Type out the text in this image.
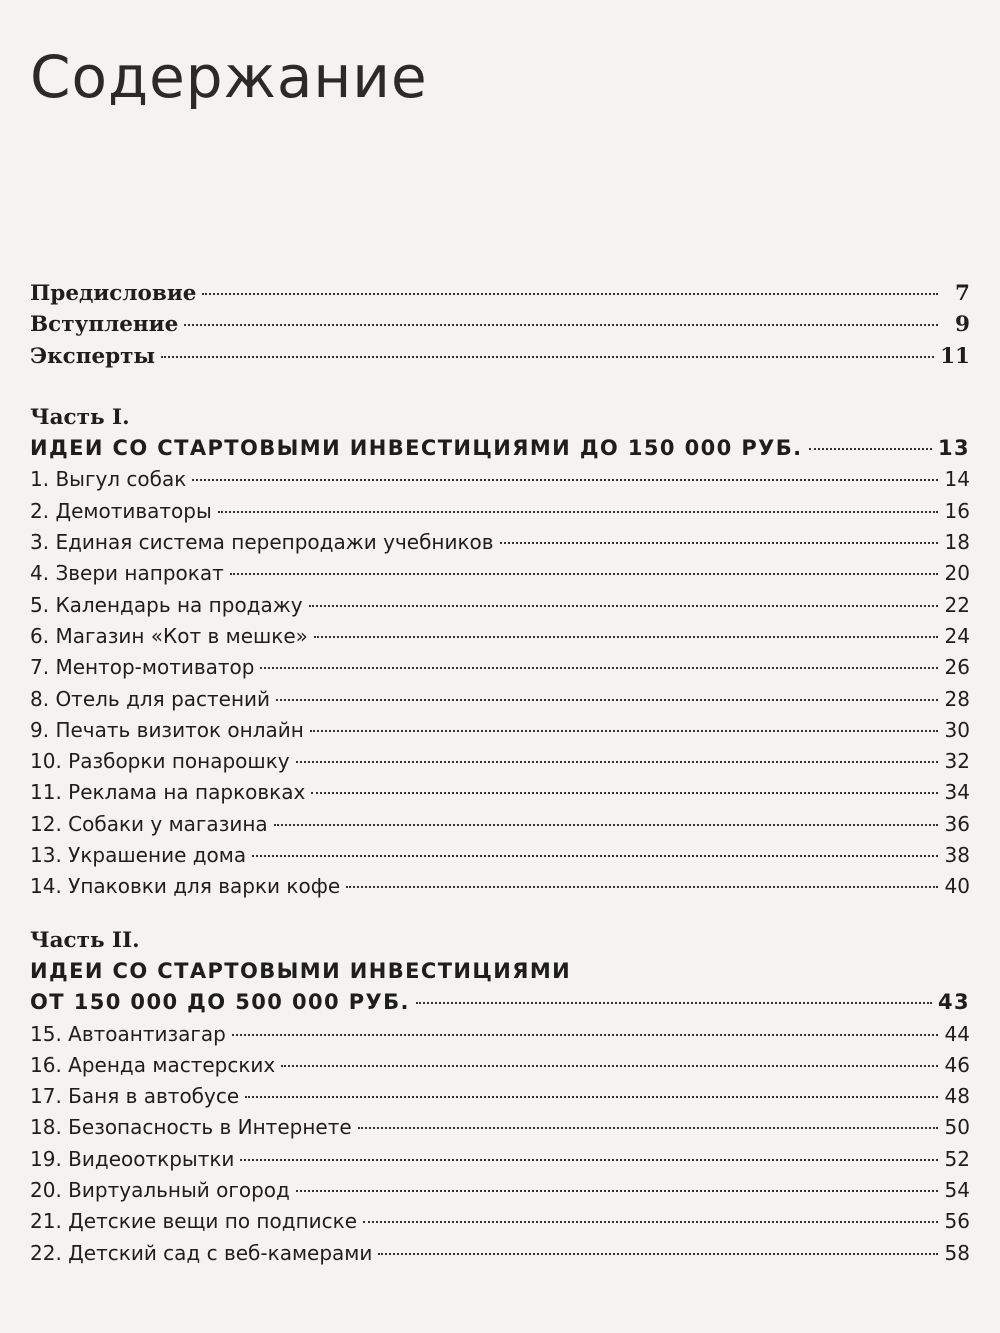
Содержание
Предисловие	7
Вступление	9
Эксперты	11
Часть I.
ИДЕИ СО СТАРТОВЫМИ ИНВЕСТИЦИЯМИ ДО 150 000 РУБ.	13
1. Выгул собак	14
2. Демотиваторы	16
3. Единая система перепродажи учебников	18
4. Звери напрокат	20
5. Календарь на продажу	22
6. Магазин «Кот в мешке»	24
7. Ментор-мотиватор	26
8. Отель для растений	28
9. Печать визиток онлайн	30
10. Разборки понарошку	32
11. Реклама на парковках	34
12. Собаки у магазина	36
13. Украшение дома	38
14. Упаковки для варки кофе	40
Часть II.
ИДЕИ СО СТАРТОВЫМИ ИНВЕСТИЦИЯМИ
ОТ 150 000 ДО 500 000 РУБ.	43
15. Автоантизагар	44
16. Аренда мастерских	46
17. Баня в автобусе	48
18. Безопасность в Интернете	50
19. Видеооткрытки	52
20. Виртуальный огород	54
21. Детские вещи по подписке	56
22. Детский сад с веб-камерами	58
